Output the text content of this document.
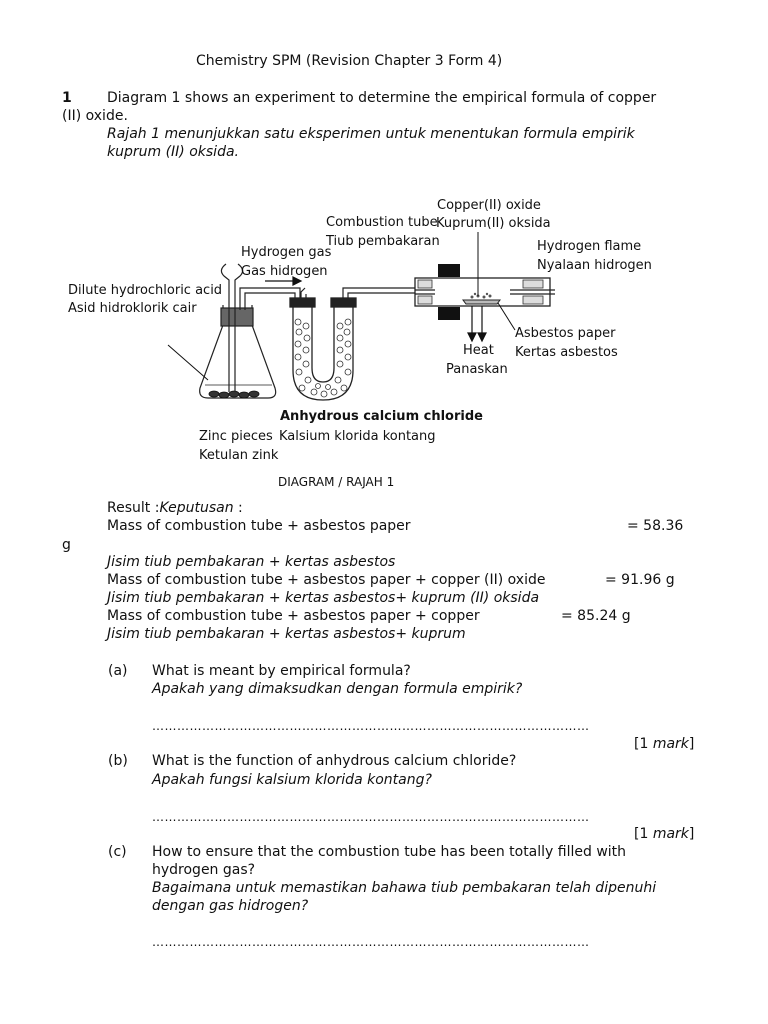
Chemistry SPM (Revision Chapter 3 Form 4)
1	Diagram 1 shows an experiment to determine the empirical formula of copper
(II) oxide.
Rajah 1 menunjukkan satu eksperimen untuk menentukan formula empirik
kuprum (II) oksida.
Copper(II) oxide
Kuprum(II) oksida
Combustion tube
Tiub pembakaran	Hydrogen flame
Nyalaan hidrogen
Hydrogen gas
Gas hidrogen
Dilute hydrochloric acid
Asid hidroklorik cair
Asbestos paper
Kertas asbestos
Heat
Panaskan
Anhydrous calcium chloride
Kalsium klorida kontang
Zinc pieces
Ketulan zink
DIAGRAM / RAJAH 1
Result :Keputusan :
Mass of combustion tube + asbestos paper	= 58.36
g
Jisim tiub pembakaran + kertas asbestos
Mass of combustion tube + asbestos paper + copper (II) oxide	= 91.96 g
Jisim tiub pembakaran + kertas asbestos+ kuprum (II) oksida
Mass of combustion tube + asbestos paper + copper	= 85.24 g
Jisim tiub pembakaran + kertas asbestos+ kuprum
(a) What is meant by empirical formula?
Apakah yang dimaksudkan dengan formula empirik?
……………………………………………………………………………………………
[1 mark]
(b) What is the function of anhydrous calcium chloride?
Apakah fungsi kalsium klorida kontang?
……………………………………………………………………………………………
[1 mark]
(c) How to ensure that the combustion tube has been totally filled with
hydrogen gas?
Bagaimana untuk memastikan bahawa tiub pembakaran telah dipenuhi
dengan gas hidrogen?
……………………………………………………………………………………………
